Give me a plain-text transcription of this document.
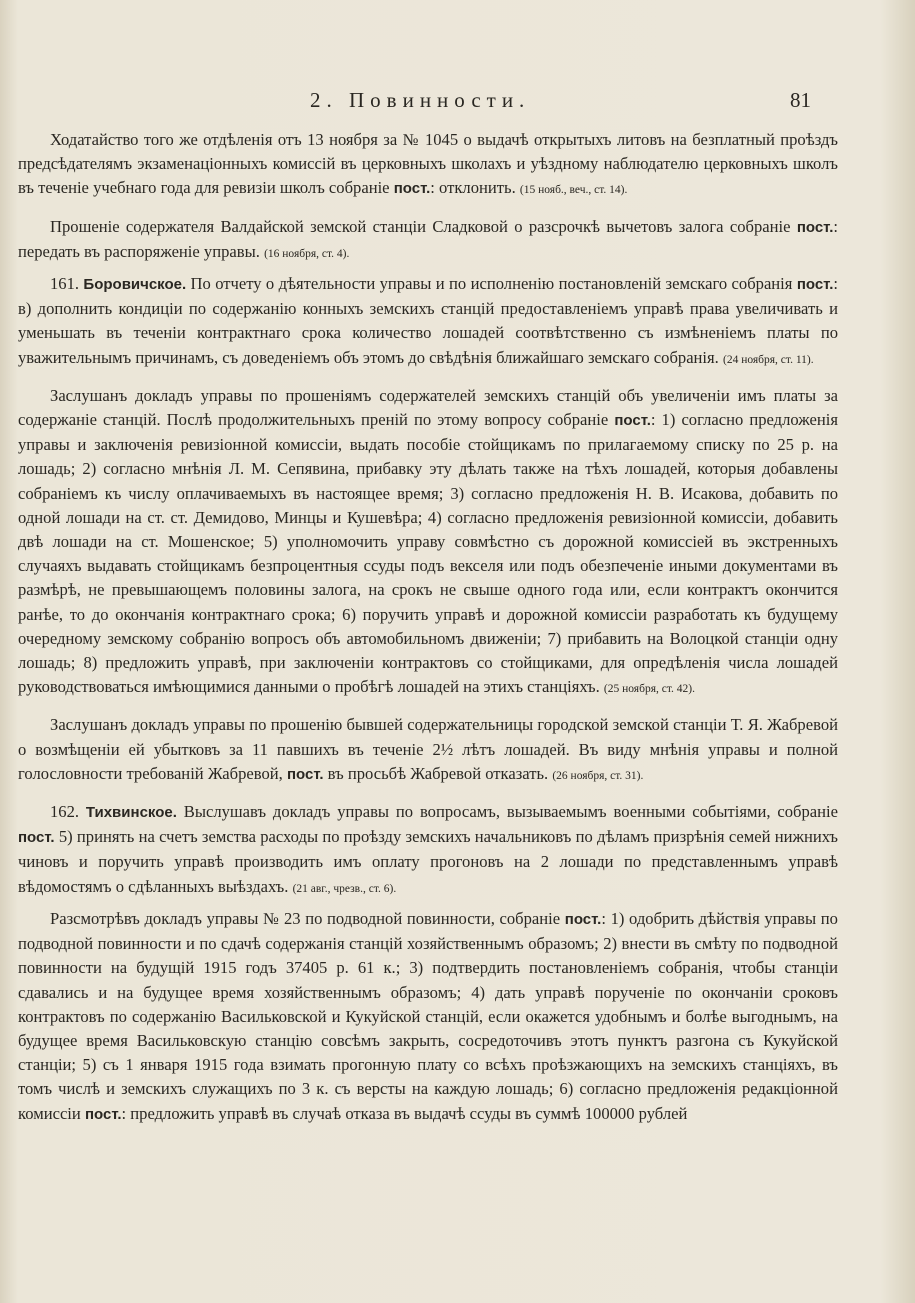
2. Повинности.	81

Ходатайство того же отдѣленія отъ 13 ноября за № 1045 о выдачѣ открытыхъ литовъ на безплатный проѣздъ предсѣдателямъ экзаменаціонныхъ комиссій въ церковныхъ школахъ и уѣздному наблюдателю церковныхъ школъ въ теченіе учебнаго года для ревизіи школъ собраніе пост.: отклонить. (15 нояб., веч., ст. 14).

Прошеніе содержателя Валдайской земской станціи Сладковой о разсрочкѣ вычетовъ залога собраніе пост.: передать въ распоряженіе управы. (16 ноября, ст. 4).

161. Боровичское. По отчету о дѣятельности управы и по исполненію постановленій земскаго собранія пост.: в) дополнить кондиціи по содержанію конныхъ земскихъ станцій предоставленіемъ управѣ права увеличивать и уменьшать въ теченіи контрактнаго срока количество лошадей соотвѣтственно съ измѣненіемъ платы по уважительнымъ причинамъ, съ доведеніемъ объ этомъ до свѣдѣнія ближайшаго земскаго собранія. (24 ноября, ст. 11).

Заслушанъ докладъ управы по прошеніямъ содержателей земскихъ станцій объ увеличеніи имъ платы за содержаніе станцій. Послѣ продолжительныхъ преній по этому вопросу собраніе пост.: 1) согласно предложенія управы и заключенія ревизіонной комиссіи, выдать пособіе стойщикамъ по прилагаемому списку по 25 р. на лошадь; 2) согласно мнѣнія Л. М. Сепявина, прибавку эту дѣлать также на тѣхъ лошадей, которыя добавлены собраніемъ къ числу оплачиваемыхъ въ настоящее время; 3) согласно предложенія Н. В. Исакова, добавить по одной лошади на ст. ст. Демидово, Минцы и Кушевѣра; 4) согласно предложенія ревизіонной комиссіи, добавить двѣ лошади на ст. Мошенское; 5) уполномочить управу совмѣстно съ дорожной комиссіей въ экстренныхъ случаяхъ выдавать стойщикамъ безпроцентныя ссуды подъ векселя или подъ обезпеченіе иными документами въ размѣрѣ, не превышающемъ половины залога, на срокъ не свыше одного года или, если контрактъ окончится ранѣе, то до окончанія контрактнаго срока; 6) поручить управѣ и дорожной комиссіи разработать къ будущему очередному земскому собранію вопросъ объ автомобильномъ движеніи; 7) прибавить на Волоцкой станціи одну лошадь; 8) предложить управѣ, при заключеніи контрактовъ со стойщиками, для опредѣленія числа лошадей руководствоваться имѣющимися данными о пробѣгѣ лошадей на этихъ станціяхъ. (25 ноября, ст. 42).

Заслушанъ докладъ управы по прошенію бывшей содержательницы городской земской станціи Т. Я. Жабревой о возмѣщеніи ей убытковъ за 11 павшихъ въ теченіе 2½ лѣтъ лошадей. Въ виду мнѣнія управы и полной голословности требованій Жабревой, пост. въ просьбѣ Жабревой отказать. (26 ноября, ст. 31).

162. Тихвинское. Выслушавъ докладъ управы по вопросамъ, вызываемымъ военными событіями, собраніе пост. 5) принять на счетъ земства расходы по проѣзду земскихъ начальниковъ по дѣламъ призрѣнія семей нижнихъ чиновъ и поручить управѣ производить имъ оплату прогоновъ на 2 лошади по представленнымъ управѣ вѣдомостямъ о сдѣланныхъ выѣздахъ. (21 авг., чрезв., ст. 6).

Разсмотрѣвъ докладъ управы № 23 по подводной повинности, собраніе пост.: 1) одобрить дѣйствія управы по подводной повинности и по сдачѣ содержанія станцій хозяйственнымъ образомъ; 2) внести въ смѣту по подводной повинности на будущій 1915 годъ 37405 р. 61 к.; 3) подтвердить постановленіемъ собранія, чтобы станціи сдавались и на будущее время хозяйственнымъ образомъ; 4) дать управѣ порученіе по окончаніи сроковъ контрактовъ по содержанію Васильковской и Кукуйской станцій, если окажется удобнымъ и болѣе выгоднымъ, на будущее время Васильковскую станцію совсѣмъ закрыть, сосредоточивъ этотъ пунктъ разгона съ Кукуйской станціи; 5) съ 1 января 1915 года взимать прогонную плату со всѣхъ проѣзжающихъ на земскихъ станціяхъ, въ томъ числѣ и земскихъ служащихъ по 3 к. съ версты на каждую лошадь; 6) согласно предложенія редакціонной комиссіи пост.: предложить управѣ въ случаѣ отказа въ выдачѣ ссуды въ суммѣ 100000 рублей
